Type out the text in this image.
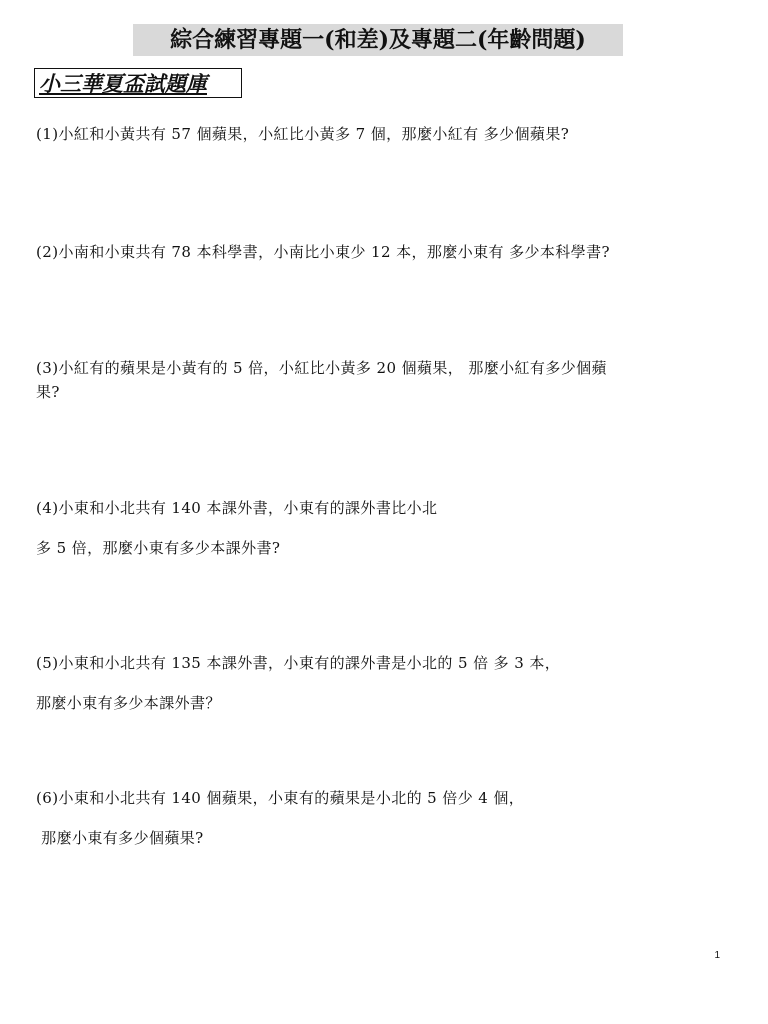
綜合練習專題一(和差)及專題二(年齡問題)
小三華夏盃試題庫
(1)小紅和小黃共有 57 個蘋果，小紅比小黃多 7 個，那麼小紅有 多少個蘋果?
(2)小南和小東共有 78 本科學書，小南比小東少 12 本，那麼小東有 多少本科學書?
(3)小紅有的蘋果是小黃有的 5 倍，小紅比小黃多 20 個蘋果， 那麼小紅有多少個蘋
果?
(4)小東和小北共有 140 本課外書，小東有的課外書比小北
多 5 倍，那麼小東有多少本課外書?
(5)小東和小北共有 135 本課外書，小東有的課外書是小北的 5 倍 多 3 本，
那麼小東有多少本課外書？
(6)小東和小北共有 140 個蘋果，小東有的蘋果是小北的 5 倍少 4 個，
那麼小東有多少個蘋果?
1
